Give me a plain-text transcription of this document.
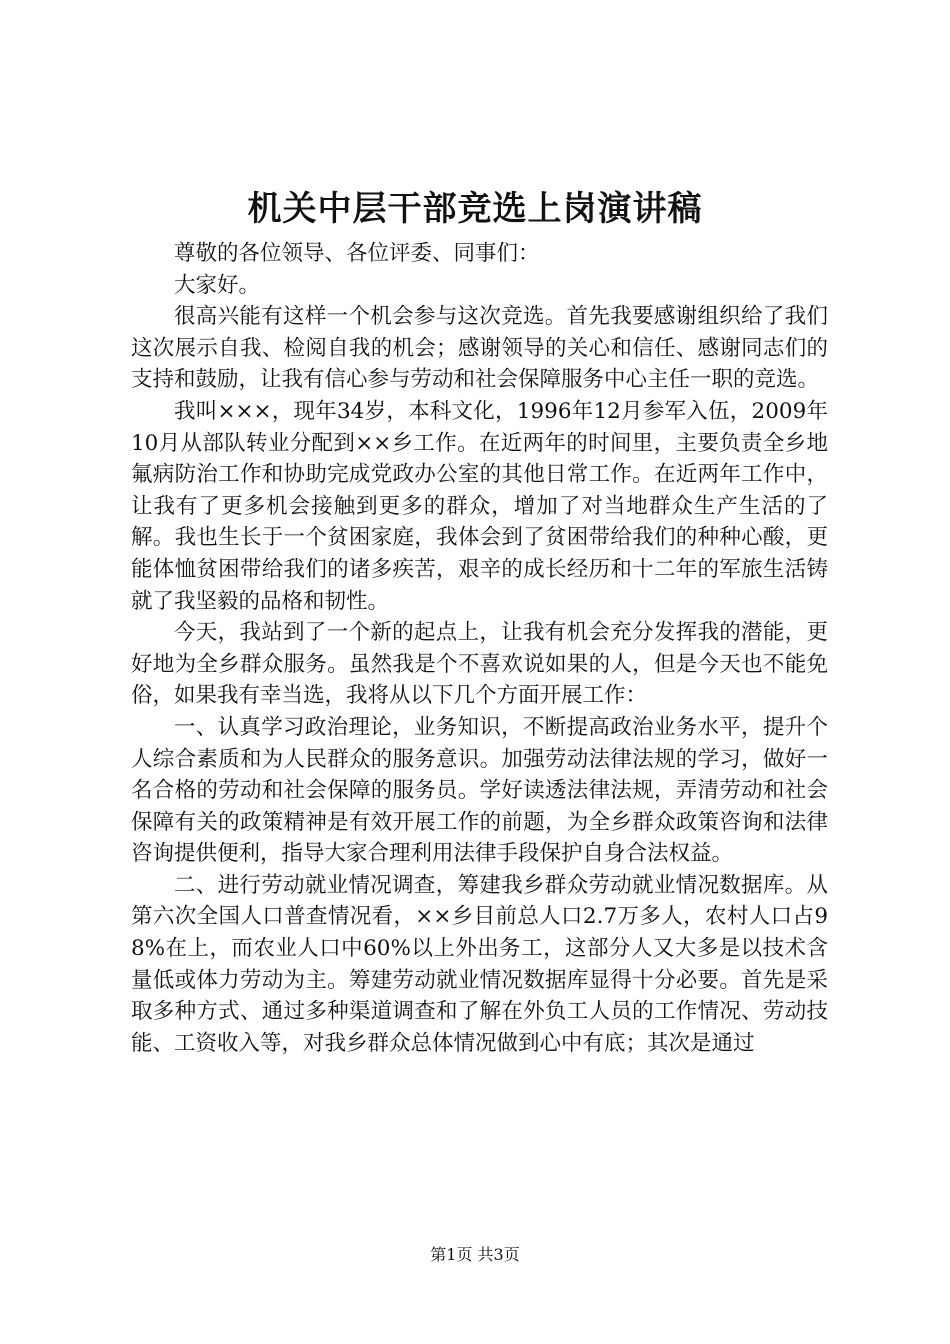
机关中层干部竞选上岗演讲稿

尊敬的各位领导、各位评委、同事们：

大家好。

很高兴能有这样一个机会参与这次竞选。首先我要感谢组织给了我们这次展示自我、检阅自我的机会；感谢领导的关心和信任、感谢同志们的支持和鼓励，让我有信心参与劳动和社会保障服务中心主任一职的竞选。

我叫×××，现年34岁，本科文化，1996年12月参军入伍，2009年10月从部队转业分配到××乡工作。在近两年的时间里，主要负责全乡地氟病防治工作和协助完成党政办公室的其他日常工作。在近两年工作中，让我有了更多机会接触到更多的群众，增加了对当地群众生产生活的了解。我也生长于一个贫困家庭，我体会到了贫困带给我们的种种心酸，更能体恤贫困带给我们的诸多疾苦，艰辛的成长经历和十二年的军旅生活铸就了我坚毅的品格和韧性。

今天，我站到了一个新的起点上，让我有机会充分发挥我的潜能，更好地为全乡群众服务。虽然我是个不喜欢说如果的人，但是今天也不能免俗，如果我有幸当选，我将从以下几个方面开展工作：

一、认真学习政治理论，业务知识，不断提高政治业务水平，提升个人综合素质和为人民群众的服务意识。加强劳动法律法规的学习，做好一名合格的劳动和社会保障的服务员。学好读透法律法规，弄清劳动和社会保障有关的政策精神是有效开展工作的前题，为全乡群众政策咨询和法律咨询提供便利，指导大家合理利用法律手段保护自身合法权益。

二、进行劳动就业情况调查，筹建我乡群众劳动就业情况数据库。从第六次全国人口普查情况看，××乡目前总人口2.7万多人，农村人口占98%在上，而农业人口中60%以上外出务工，这部分人又大多是以技术含量低或体力劳动为主。筹建劳动就业情况数据库显得十分必要。首先是采取多种方式、通过多种渠道调查和了解在外负工人员的工作情况、劳动技能、工资收入等，对我乡群众总体情况做到心中有底；其次是通过

第1页 共3页
